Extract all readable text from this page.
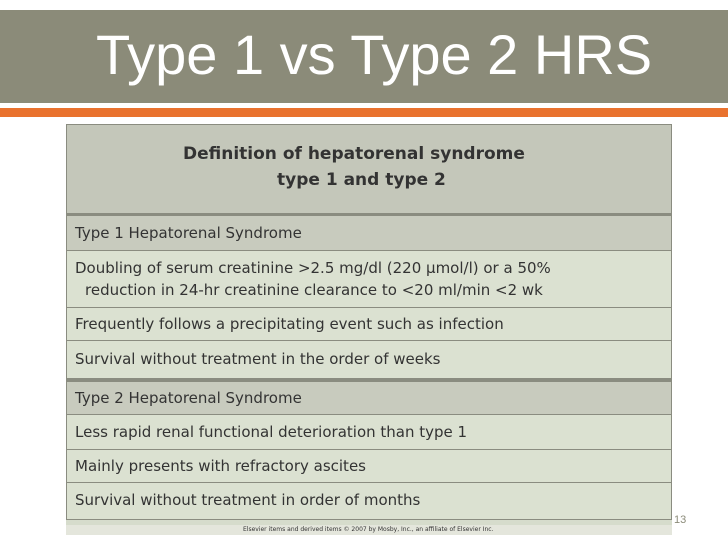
Type 1 vs Type 2 HRS
Definition of hepatorenal syndrome
type 1 and type 2
Type 1 Hepatorenal Syndrome
Doubling of serum creatinine >2.5 mg/dl (220 μmol/l) or a 50%
reduction in 24-hr creatinine clearance to <20 ml/min <2 wk
Frequently follows a precipitating event such as infection
Survival without treatment in the order of weeks
Type 2 Hepatorenal Syndrome
Less rapid renal functional deterioration than type 1
Mainly presents with refractory ascites
Survival without treatment in order of months
Elsevier items and derived items © 2007 by Mosby, Inc., an affiliate of Elsevier Inc.
13
